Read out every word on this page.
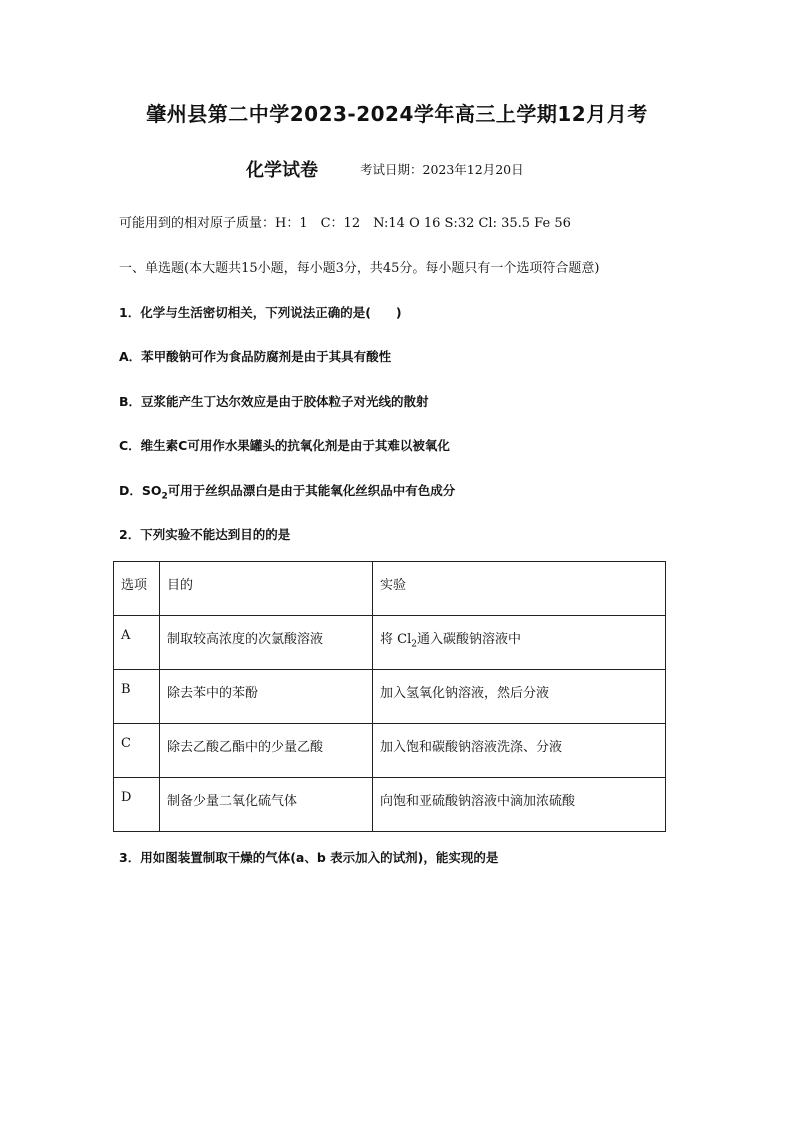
肇州县第二中学2023-2024学年高三上学期12月月考
化学试卷	考试日期：2023年12月20日
可能用到的相对原子质量：H：1　C：12　N:14 O 16 S:32 Cl: 35.5 Fe 56
一、单选题(本大题共15小题，每小题3分，共45分。每小题只有一个选项符合题意)
1．化学与生活密切相关，下列说法正确的是(　　)
A．苯甲酸钠可作为食品防腐剂是由于其具有酸性
B．豆浆能产生丁达尔效应是由于胶体粒子对光线的散射
C．维生素C可用作水果罐头的抗氧化剂是由于其难以被氧化
D．$SO_2$可用于丝织品漂白是由于其能氧化丝织品中有色成分
2．下列实验不能达到目的的是
选项	目的	实验
A	制取较高浓度的次氯酸溶液	将 $Cl_2$通入碳酸钠溶液中
B	除去苯中的苯酚	加入氢氧化钠溶液，然后分液
C	除去乙酸乙酯中的少量乙酸	加入饱和碳酸钠溶液洗涤、分液
D	制备少量二氧化硫气体	向饱和亚硫酸钠溶液中滴加浓硫酸
3．用如图装置制取干燥的气体(a、b 表示加入的试剂)，能实现的是
